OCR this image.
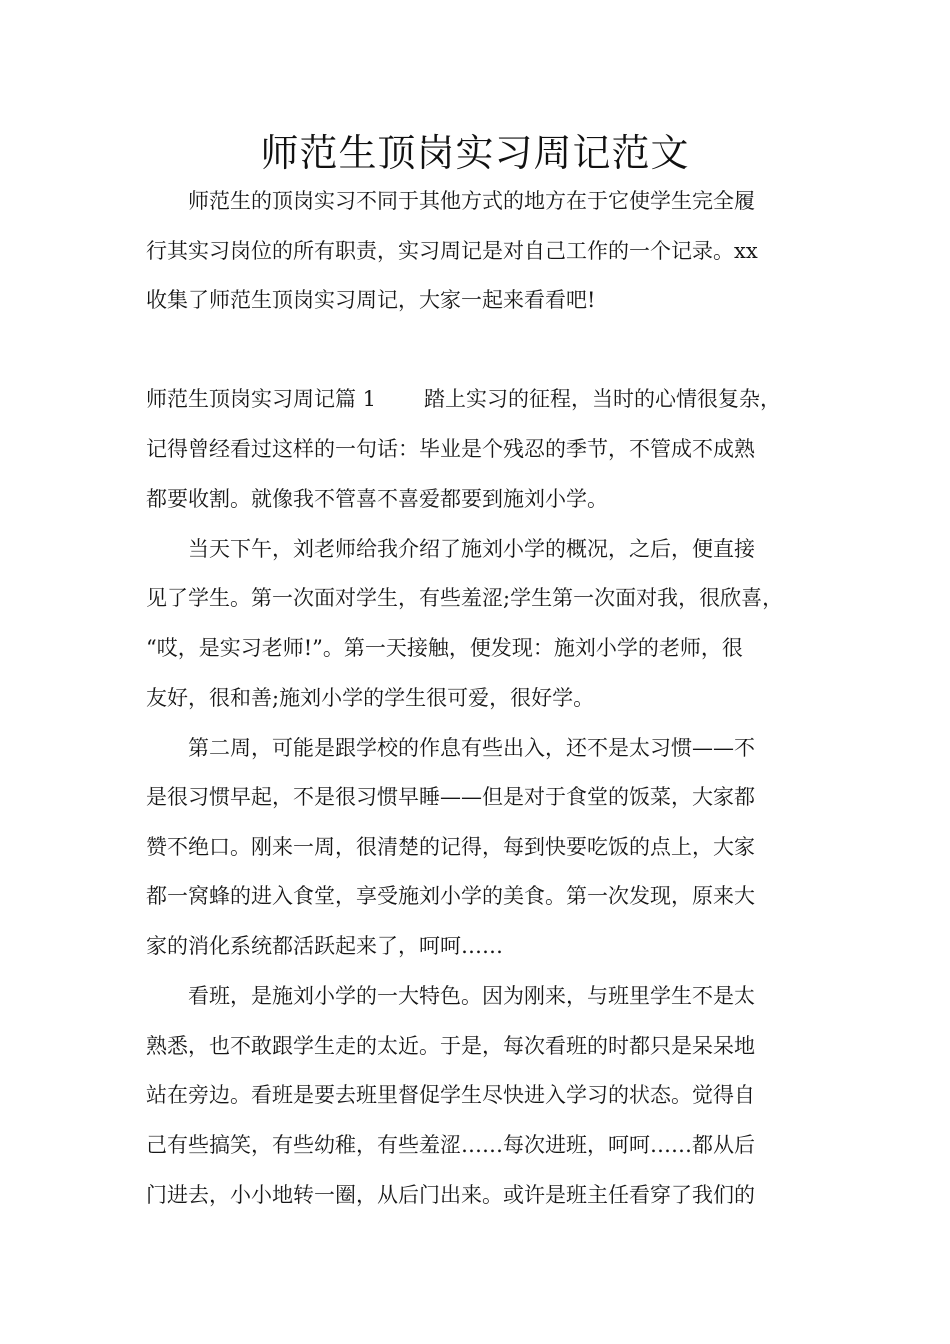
师范生顶岗实习周记范文
师范生的顶岗实习不同于其他方式的地方在于它使学生完全履
行其实习岗位的所有职责，实习周记是对自己工作的一个记录。xx
收集了师范生顶岗实习周记，大家一起来看看吧!
师范生顶岗实习周记篇 1 踏上实习的征程，当时的心情很复杂，
记得曾经看过这样的一句话：毕业是个残忍的季节，不管成不成熟
都要收割。就像我不管喜不喜爱都要到施刘小学。
当天下午，刘老师给我介绍了施刘小学的概况，之后，便直接
见了学生。第一次面对学生，有些羞涩;学生第一次面对我，很欣喜，
“哎，是实习老师!”。第一天接触，便发现：施刘小学的老师，很
友好，很和善;施刘小学的学生很可爱，很好学。
第二周，可能是跟学校的作息有些出入，还不是太习惯——不
是很习惯早起，不是很习惯早睡——但是对于食堂的饭菜，大家都
赞不绝口。刚来一周，很清楚的记得，每到快要吃饭的点上，大家
都一窝蜂的进入食堂，享受施刘小学的美食。第一次发现，原来大
家的消化系统都活跃起来了，呵呵……
看班，是施刘小学的一大特色。因为刚来，与班里学生不是太
熟悉，也不敢跟学生走的太近。于是，每次看班的时都只是呆呆地
站在旁边。看班是要去班里督促学生尽快进入学习的状态。觉得自
己有些搞笑，有些幼稚，有些羞涩……每次进班，呵呵……都从后
门进去，小小地转一圈，从后门出来。或许是班主任看穿了我们的
